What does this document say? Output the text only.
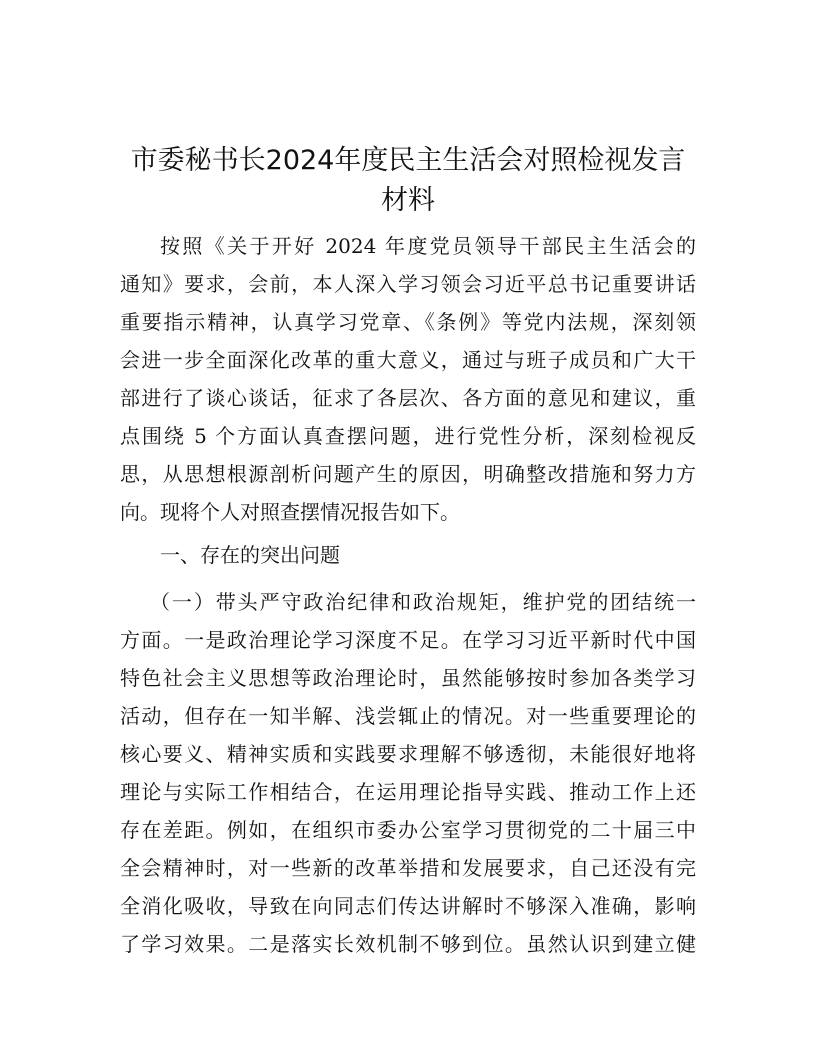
市委秘书长2024年度民主生活会对照检视发言
材料
按照《关于开好 2024 年度党员领导干部民主生活会的
通知》要求，会前，本人深入学习领会习近平总书记重要讲话
重要指示精神，认真学习党章、《条例》等党内法规，深刻领
会进一步全面深化改革的重大意义，通过与班子成员和广大干
部进行了谈心谈话，征求了各层次、各方面的意见和建议，重
点围绕 5 个方面认真查摆问题，进行党性分析，深刻检视反
思，从思想根源剖析问题产生的原因，明确整改措施和努力方
向。现将个人对照查摆情况报告如下。
一、存在的突出问题
（一）带头严守政治纪律和政治规矩，维护党的团结统一
方面。一是政治理论学习深度不足。在学习习近平新时代中国
特色社会主义思想等政治理论时，虽然能够按时参加各类学习
活动，但存在一知半解、浅尝辄止的情况。对一些重要理论的
核心要义、精神实质和实践要求理解不够透彻，未能很好地将
理论与实际工作相结合，在运用理论指导实践、推动工作上还
存在差距。例如，在组织市委办公室学习贯彻党的二十届三中
全会精神时，对一些新的改革举措和发展要求，自己还没有完
全消化吸收，导致在向同志们传达讲解时不够深入准确，影响
了学习效果。二是落实长效机制不够到位。虽然认识到建立健
